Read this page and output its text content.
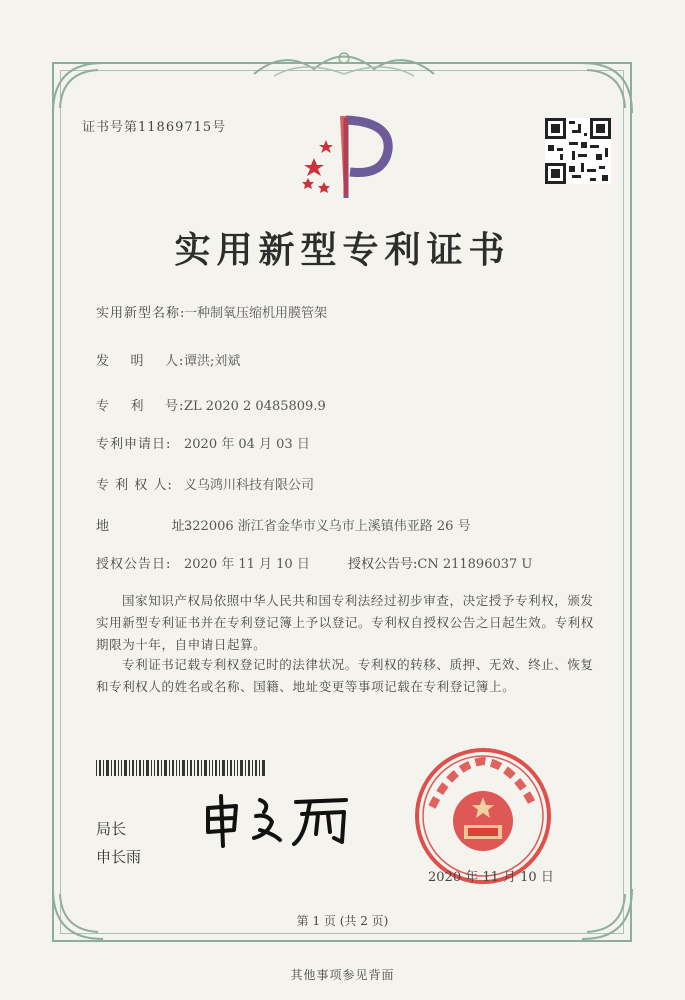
证书号第11869715号
实用新型专利证书
实用新型名称:一种制氧压缩机用膜管架
发    明    人:谭洪;刘斌
专    利    号:ZL 2020 2 0485809.9
专利申请日: 2020 年 04 月 03 日
专 利 权 人: 义乌鸿川科技有限公司
地            址:322006 浙江省金华市义乌市上溪镇伟亚路 26 号
授权公告日: 2020 年 11 月 10 日	授权公告号:CN 211896037 U
国家知识产权局依照中华人民共和国专利法经过初步审查，决定授予专利权，颁发实用新型专利证书并在专利登记簿上予以登记。专利权自授权公告之日起生效。专利权期限为十年，自申请日起算。
专利证书记载专利权登记时的法律状况。专利权的转移、质押、无效、终止、恢复和专利权人的姓名或名称、国籍、地址变更等事项记载在专利登记簿上。
局长
申长雨
2020 年 11 月 10 日
第 1 页 (共 2 页)
其他事项参见背面
